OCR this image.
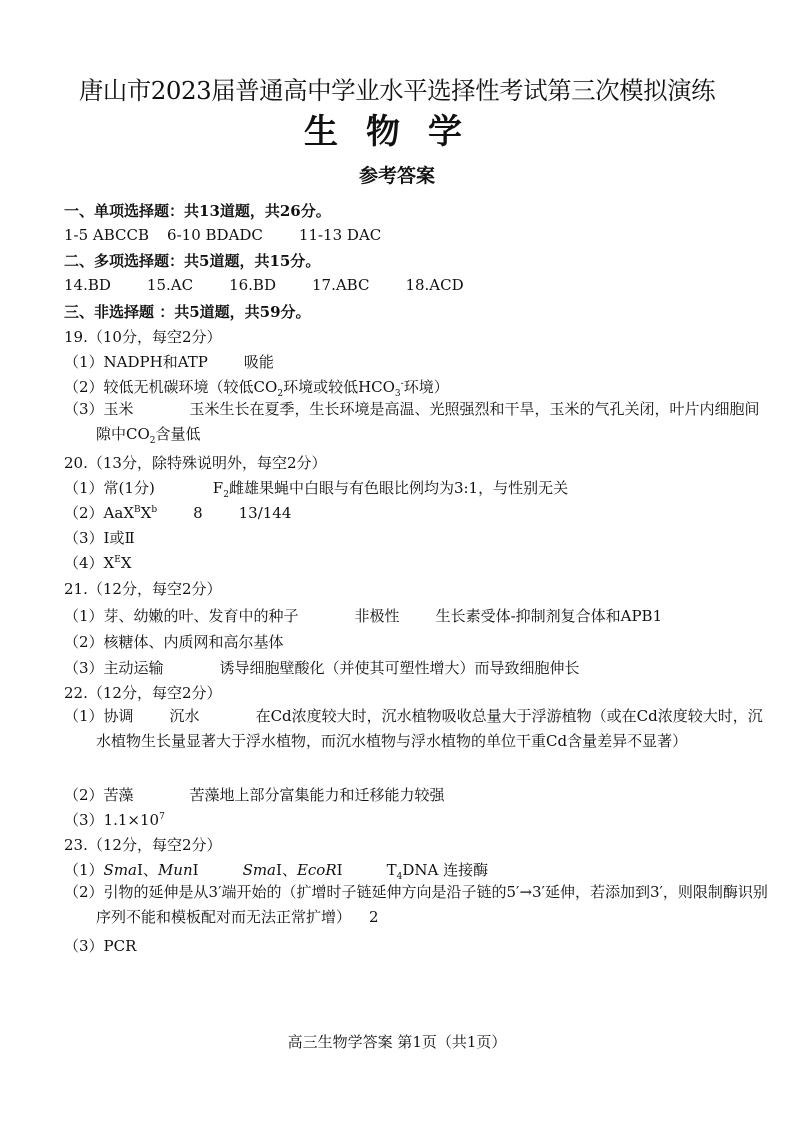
唐山市2023届普通高中学业水平选择性考试第三次模拟演练
生物学
参考答案
一、单项选择题：共13道题，共26分。
1-5 ABCCB 6-10 BDADC 11-13 DAC
二、多项选择题：共5道题，共15分。
14.BD 15.AC 16.BD 17.ABC 18.ACD
三、非选择题 ：共5道题，共59分。
19.（10分，每空2分）
（1）NADPH和ATP 吸能
（2）较低无机碳环境（较低$CO_2$环境或较低$HCO_3^-$环境）
（3）玉米	玉米生长在夏季，生长环境是高温、光照强烈和干旱，玉米的气孔关闭，叶片内细胞间隙中$CO_2$含量低
20.（13分，除特殊说明外，每空2分）
（1）常(1分)	$F_2$雌雄果蝇中白眼与有色眼比例均为3:1，与性别无关
$(2)AaX^BX^b$ 8 13/144
（3）Ⅰ或Ⅱ
$(4)X^EX$
21.（12分，每空2分）
（1）芽、幼嫩的叶、发育中的种子	非极性 生长素受体-抑制剂复合体和APB1
（2）核糖体、内质网和高尔基体
（3）主动运输	诱导细胞壁酸化（并使其可塑性增大）而导致细胞伸长
22.（12分，每空2分）
（1）协调 沉水	在Cd浓度较大时，沉水植物吸收总量大于浮游植物（或在Cd浓度较大时，沉水植物生长量显著大于浮水植物，而沉水植物与浮水植物的单位干重Cd含量差异不显著）
（2）苦藻	苦藻地上部分富集能力和迁移能力较强
$(3)1.1\times 10^7$
23.（12分，每空2分）
（1）SmaⅠ、MunⅠ	SmaⅠ、EcoRⅠ	$T_4DNA$ 连接酶
（2）引物的延伸是从3′端开始的（扩增时子链延伸方向是沿子链的5′→3′延伸，若添加到3′，则限制酶识别序列不能和模板配对而无法正常扩增） 2
（3）PCR
高三生物学答案 第1页（共1页）
